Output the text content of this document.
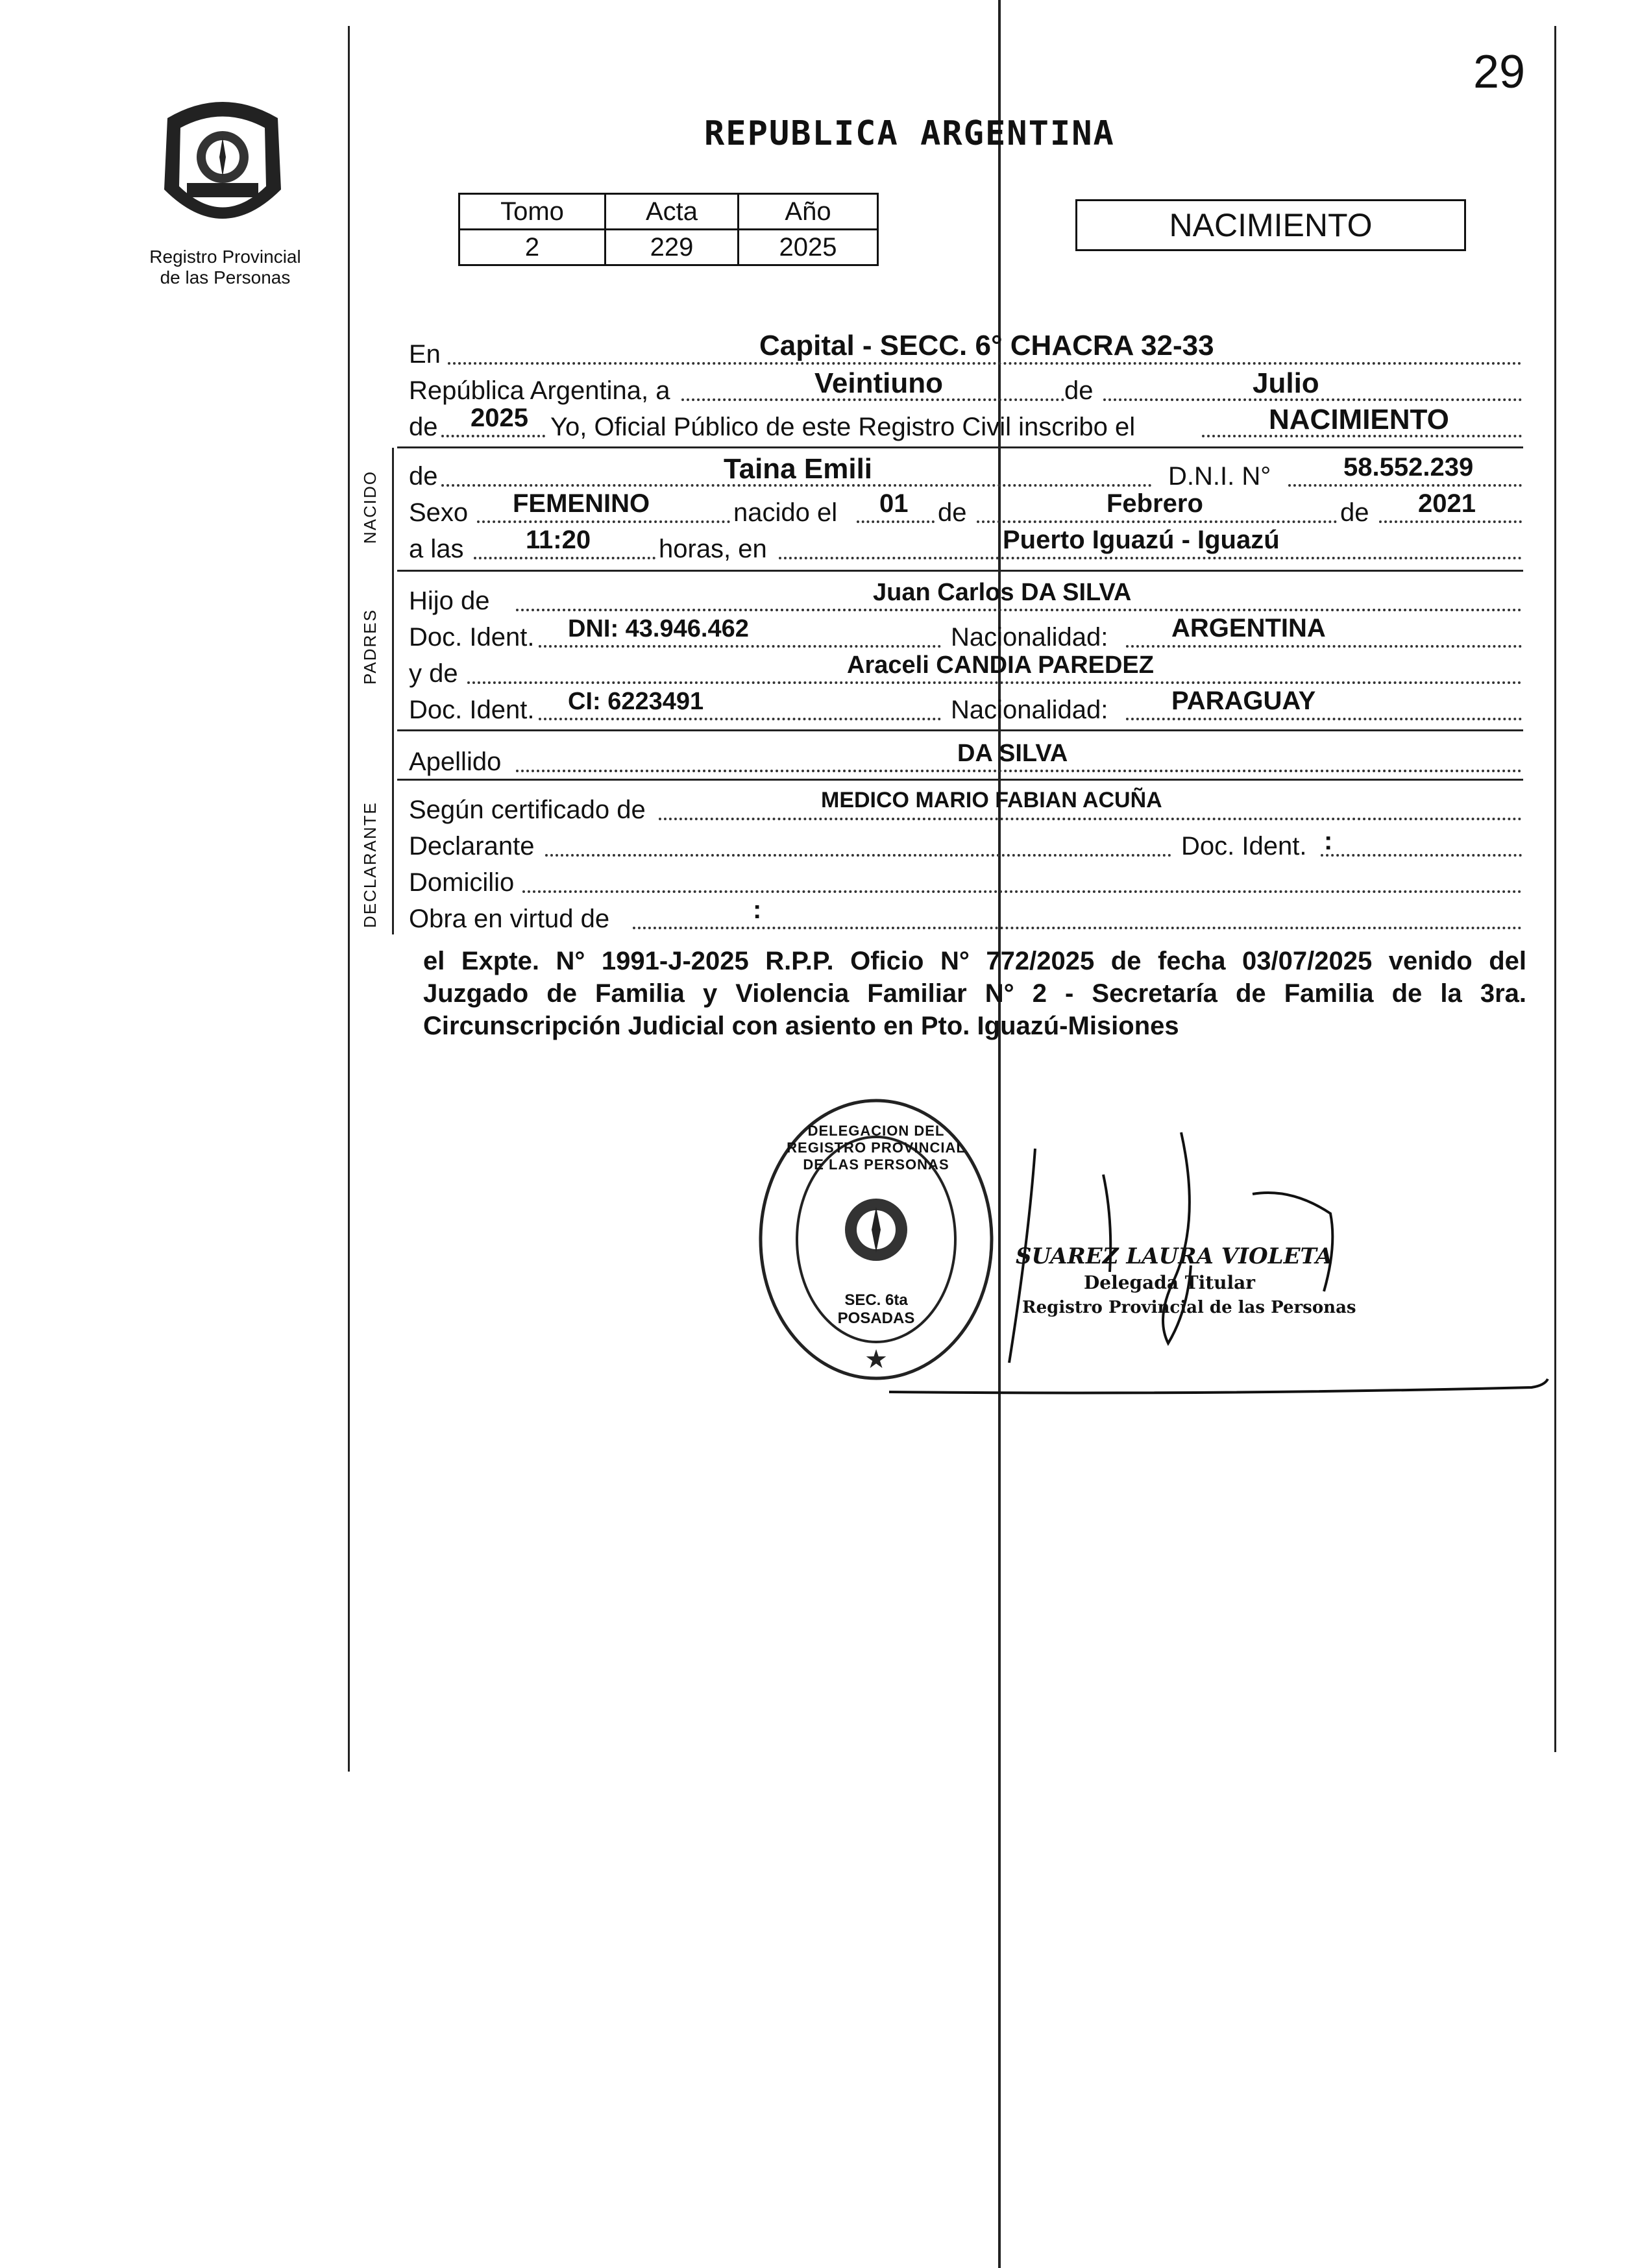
29
Registro Provincial
de las Personas
REPUBLICA ARGENTINA
Tomo	Acta	Año
2	229	2025
NACIMIENTO
NACIDO
PADRES
DECLARANTE
En	Capital - SECC. 6° CHACRA 32-33
República Argentina, a	Veintiuno	de	Julio
de 2025 Yo, Oficial Público de este Registro Civil inscribo el	NACIMIENTO
de	Taina Emili	D.N.I. N°	58.552.239
Sexo FEMENINO	nacido el 01 de	Febrero	de 2021
a las 11:20	horas, en	Puerto Iguazú - Iguazú
Hijo de	Juan Carlos DA SILVA
Doc. Ident. DNI: 43.946.462	Nacionalidad: ARGENTINA
y de	Araceli CANDIA PAREDEZ
Doc. Ident. CI: 6223491	Nacionalidad: PARAGUAY
Apellido	DA SILVA
Según certificado de	MEDICO MARIO FABIAN ACUÑA
Declarante	Doc. Ident. :
Domicilio
Obra en virtud de	:
el Expte. N° 1991-J-2025 R.P.P. Oficio N° 772/2025 de fecha 03/07/2025 venido del Juzgado de Familia y Violencia Familiar N° 2 - Secretaría de Familia de la 3ra. Circunscripción Judicial con asiento en Pto. Iguazú-Misiones
★
DELEGACION DEL REGISTRO PROVINCIAL DE LAS PERSONAS
SEC. 6ta POSADAS
SUAREZ LAURA VIOLETA
Delegada Titular
Registro Provincial de las Personas
